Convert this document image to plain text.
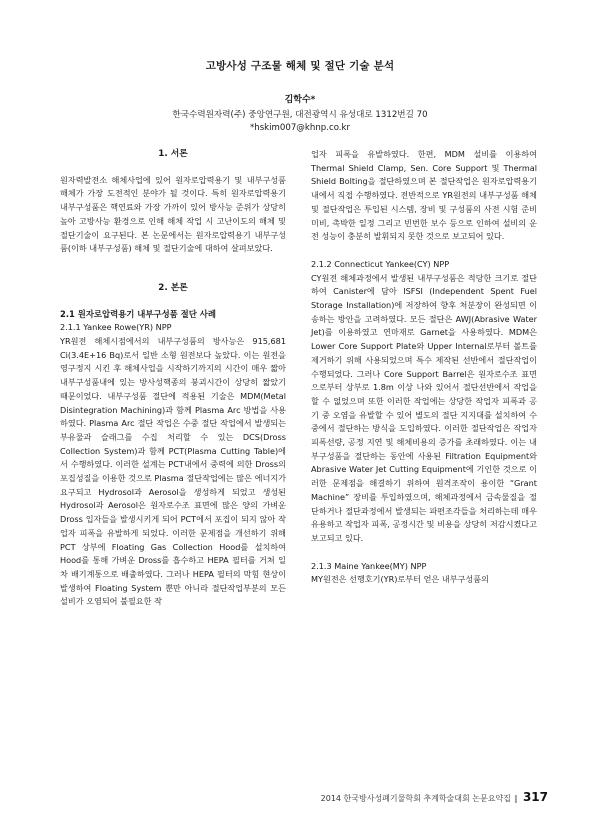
고방사성 구조물 해체 및 절단 기술 분석
김학수*
한국수력원자력(주) 중앙연구원, 대전광역시 유성대로 1312번길 70
*hskim007@khnp.co.kr
1. 서론

원자력발전소 해체사업에 있어 원자로압력용기 및 내부구성품 해체가 가장 도전적인 분야가 될 것이다. 특히 원자로압력용기 내부구성품은 핵연료와 가장 가까이 있어 방사능 준위가 상당히 높아 고방사능 환경으로 인해 해체 작업 시 고난이도의 해체 및 절단기술이 요구된다. 본 논문에서는 원자로압력용기 내부구성품(이하 내부구성품) 해체 및 절단기술에 대하여 살펴보았다.

2. 본론

2.1 원자로압력용기 내부구성품 절단 사례

2.1.1 Yankee Rowe(YR) NPP

YR원전 해체시점에서의 내부구성품의 방사능은 915,681 Ci(3.4E+16 Bq)로서 일반 소형 원전보다 높았다. 이는 원전을 영구정지 시킨 후 해체사업을 시작하기까지의 시간이 매우 짧아 내부구성품내에 있는 방사성핵종의 붕괴시간이 상당히 짧았기 때문이었다. 내부구성품 절단에 적용된 기술은 MDM(Metal Disintegration Machining)과 함께 Plasma Arc 방법을 사용하였다. Plasma Arc 절단 작업은 수중 절단 작업에서 발생되는 부유물과 슬래그를 수집 처리할 수 있는 DCS(Dross Collection System)과 함께 PCT(Plasma Cutting Table)에서 수행하였다. 이러한 설계는 PCT내에서 중력에 의한 Dross의 포집성질을 이용한 것으로 Plasma 절단작업에는 많은 에너지가 요구되고 Hydrosol과 Aerosol을 생성하게 되었고 생성된 Hydrosol과 Aerosol은 원자로수조 표면에 많은 양의 가벼운 Dross 입자들을 발생시키게 되어 PCT에서 포집이 되지 않아 작업자 피폭을 유발하게 되었다. 이러한 문제점을 개선하기 위해 PCT 상부에 Floating Gas Collection Hood를 설치하여 Hood를 통해 가벼운 Dross를 흡수하고 HEPA 필터를 거쳐 일차 배기계통으로 배출하였다. 그러나 HEPA 필터의 막힘 현상이 발생하여 Floating System 뿐만 아니라 절단작업부분의 모든 설비가 오염되어 불필요한 작

업자 피폭을 유발하였다. 한편, MDM 설비를 이용하여 Thermal Shield Clamp, Sen. Core Support 및 Thermal Shield Bolting을 절단하였으며 본 절단작업은 원자로압력용기내에서 직접 수행하였다. 전반적으로 YR원전의 내부구성품 해체 및 절단작업은 투입된 시스템, 장비 및 구성품의 사전 시험 준비 미비, 촉박한 일정 그리고 빈번한 보수 등으로 인하여 설비의 운전 성능이 충분히 발휘되지 못한 것으로 보고되어 있다.

2.1.2 Connecticut Yankee(CY) NPP

CY원전 해체과정에서 발생된 내부구성품은 적당한 크기로 절단하여 Canister에 담아 ISFSI (Independent Spent Fuel Storage Installation)에 저장하여 향후 처분장이 완성되면 이송하는 방안을 고려하였다. 모든 절단은 AWJ(Abrasive Water Jet)를 이용하였고 연마재로 Garnet을 사용하였다. MDM은 Lower Core Support Plate와 Upper Internal로부터 볼트를 제거하기 위해 사용되었으며 특수 제작된 선반에서 절단작업이 수행되었다. 그러나 Core Support Barrel은 원자로수조 표면으로부터 상부로 1.8m 이상 나와 있어서 절단선반에서 작업을 할 수 없었으며 또한 이러한 작업에는 상당한 작업자 피폭과 공기 중 오염을 유발할 수 있어 별도의 절단 지지대를 설치하여 수중에서 절단하는 방식을 도입하였다. 이러한 절단작업은 작업자피폭선량, 공정 지연 및 해체비용의 증가를 초래하였다. 이는 내부구성품을 절단하는 동안에 사용된 Filtration Equipment와 Abrasive Water Jet Cutting Equipment에 기인한 것으로 이러한 문제점을 해결하기 위하여 원격조작이 용이한 “Grant Machine” 장비를 투입하였으며, 해체과정에서 금속물질을 절단하거나 절단과정에서 발생되는 파편조각들을 처리하는데 매우 유용하고 작업자 피폭, 공정시간 및 비용을 상당히 저감시켰다고 보고되고 있다.

2.1.3 Maine Yankee(MY) NPP

MY원전은 선행호기(YR)로부터 얻은 내부구성품의

2014 한국방사성폐기물학회 추계학술대회 논문요약집 | 317
